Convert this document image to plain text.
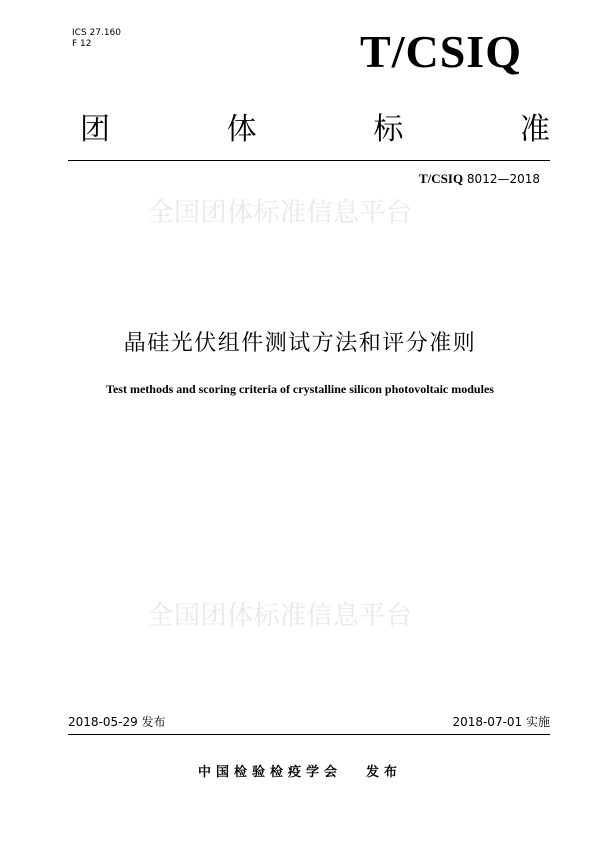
ICS 27.160
F 12	T/CSIQ
团	体	标	准
T/CSIQ 8012—2018
全国团体标准信息平台
晶硅光伏组件测试方法和评分准则
Test methods and scoring criteria of crystalline silicon photovoltaic modules
全国团体标准信息平台
2018-05-29 发布	2018-07-01 实施
中国检验检疫学会 发布
